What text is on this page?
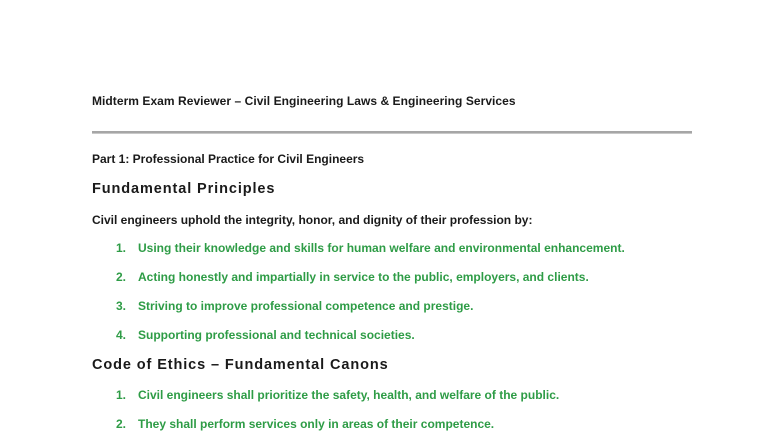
Midterm Exam Reviewer – Civil Engineering Laws & Engineering Services
Part 1: Professional Practice for Civil Engineers
Fundamental Principles
Civil engineers uphold the integrity, honor, and dignity of their profession by:
1. Using their knowledge and skills for human welfare and environmental enhancement.
2. Acting honestly and impartially in service to the public, employers, and clients.
3. Striving to improve professional competence and prestige.
4. Supporting professional and technical societies.
Code of Ethics – Fundamental Canons
1. Civil engineers shall prioritize the safety, health, and welfare of the public.
2. They shall perform services only in areas of their competence.
